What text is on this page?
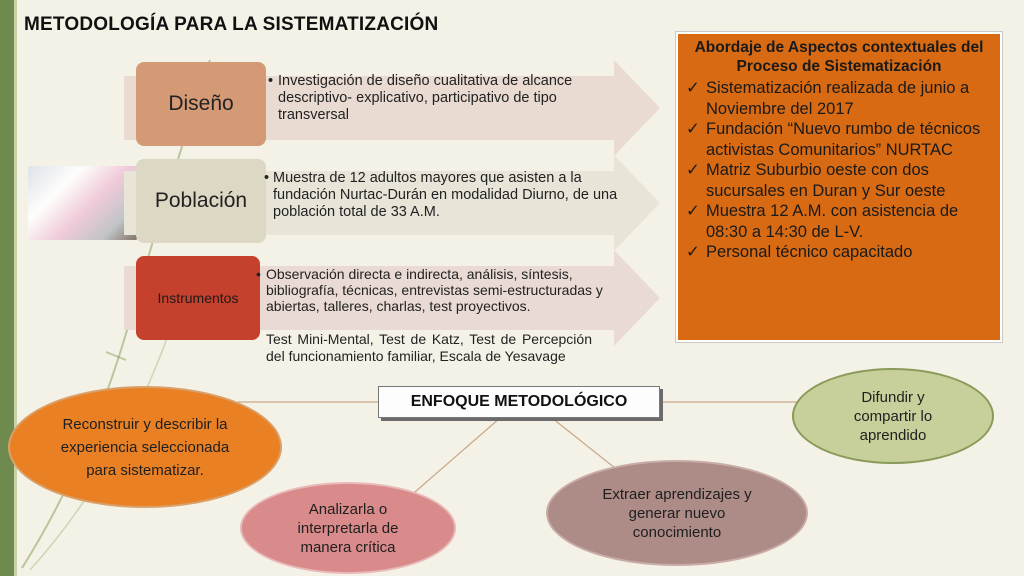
METODOLOGÍA PARA LA SISTEMATIZACIÓN
Diseño
Población
Instrumentos
• Investigación de diseño cualitativa de alcance descriptivo- explicativo, participativo de tipo transversal
• Muestra de 12 adultos mayores que asisten a la fundación Nurtac-Durán en modalidad Diurno, de una población total de 33 A.M.
• Observación directa e indirecta, análisis, síntesis, bibliografía, técnicas, entrevistas semi-estructuradas y abiertas, talleres, charlas, test proyectivos.
Test Mini-Mental, Test de Katz, Test de Percepción del funcionamiento familiar, Escala de Yesavage
Abordaje de Aspectos contextuales del Proceso de Sistematización
✓ Sistematización realizada de junio a Noviembre del 2017
✓ Fundación “Nuevo rumbo de técnicos activistas Comunitarios” NURTAC
✓ Matriz Suburbio oeste con dos sucursales en Duran y Sur oeste
✓ Muestra 12 A.M. con asistencia de 08:30 a 14:30 de L-V.
✓ Personal técnico capacitado
ENFOQUE METODOLÓGICO
Reconstruir y describir la experiencia seleccionada para sistematizar.
Analizarla o interpretarla de manera crítica
Extraer aprendizajes y generar nuevo conocimiento
Difundir y compartir lo aprendido
